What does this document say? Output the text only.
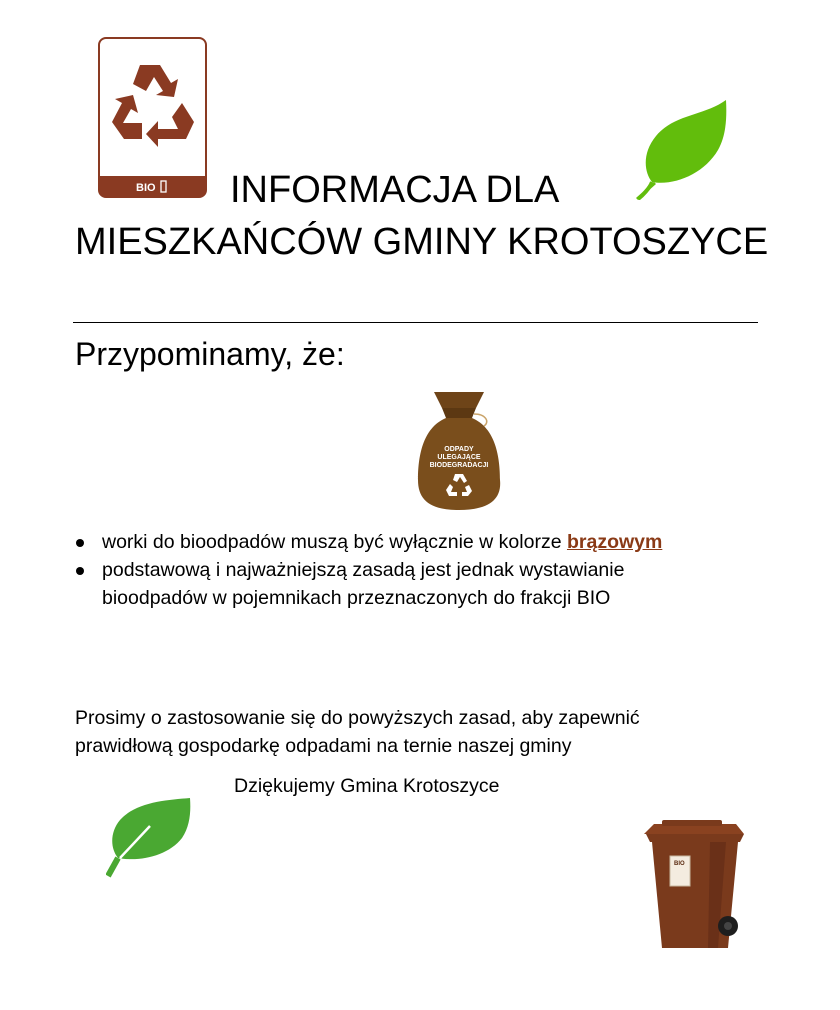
BIO	INFORMACJA DLA
MIESZKAŃCÓW GMINY KROTOSZYCE
Przypominamy, że:
ODPADY
ULEGAJĄCE
BIODEGRADACJI
worki do bioodpadów muszą być wyłącznie w kolorze brązowym
podstawową i najważniejszą zasadą jest jednak wystawianie bioodpadów w pojemnikach przeznaczonych do frakcji BIO

Prosimy o zastosowanie się do powyższych zasad, aby zapewnić prawidłową gospodarkę odpadami na ternie naszej gminy

Dziękujemy Gmina Krotoszyce

BIO
